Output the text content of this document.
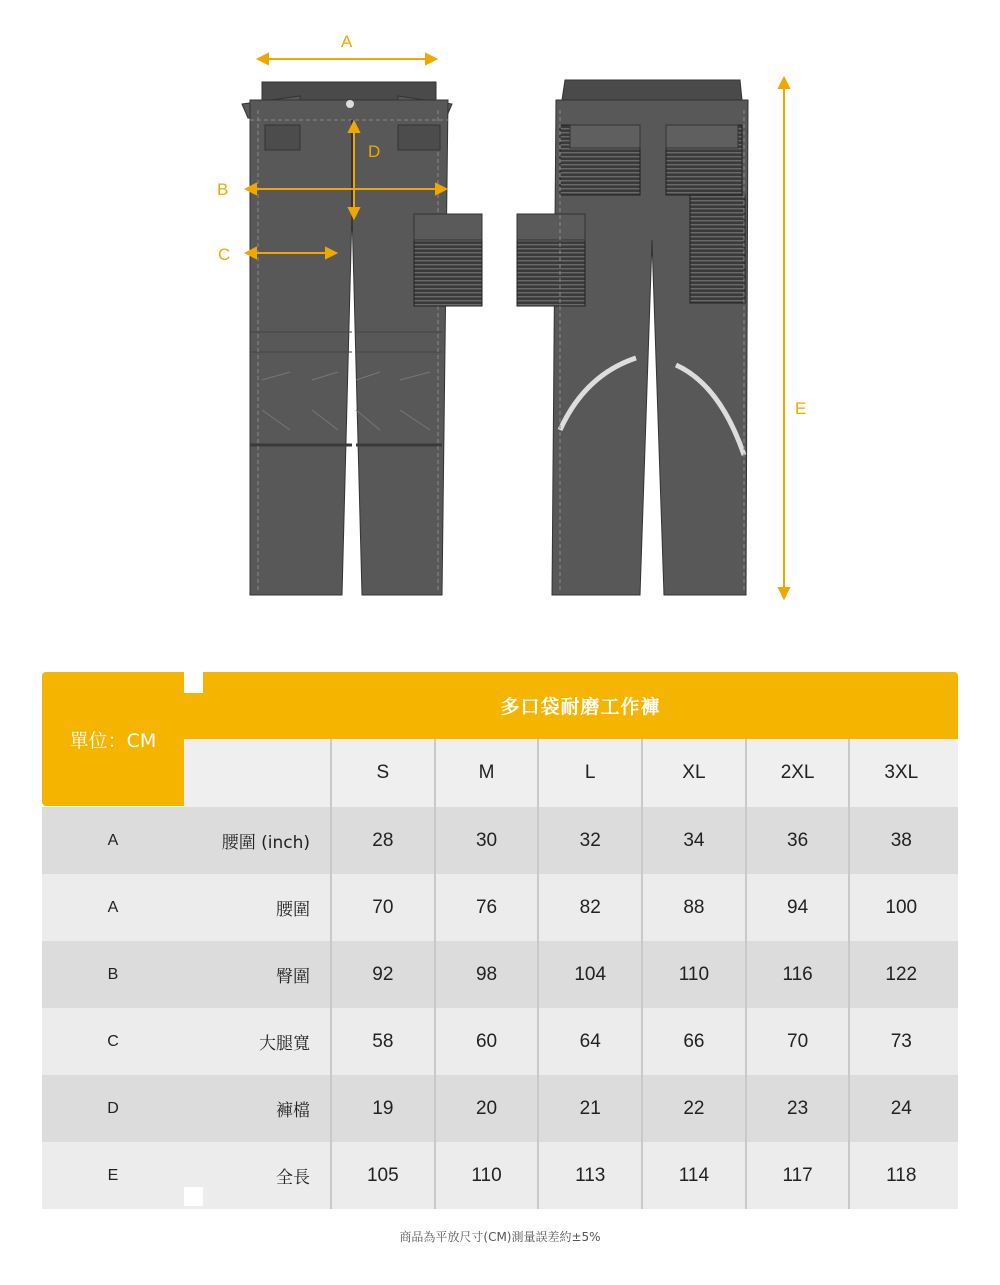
A
D
B
C
E
單位：CM
多口袋耐磨工作褲
S	M	L	XL	2XL	3XL
A	腰圍 (inch)	28	30	32	34	36	38
A	腰圍	70	76	82	88	94	100
B	臀圍	92	98	104	110	116	122
C	大腿寬	58	60	64	66	70	73
D	褲檔	19	20	21	22	23	24
E	全長	105	110	113	114	117	118
商品為平放尺寸(CM)測量誤差約±5%
